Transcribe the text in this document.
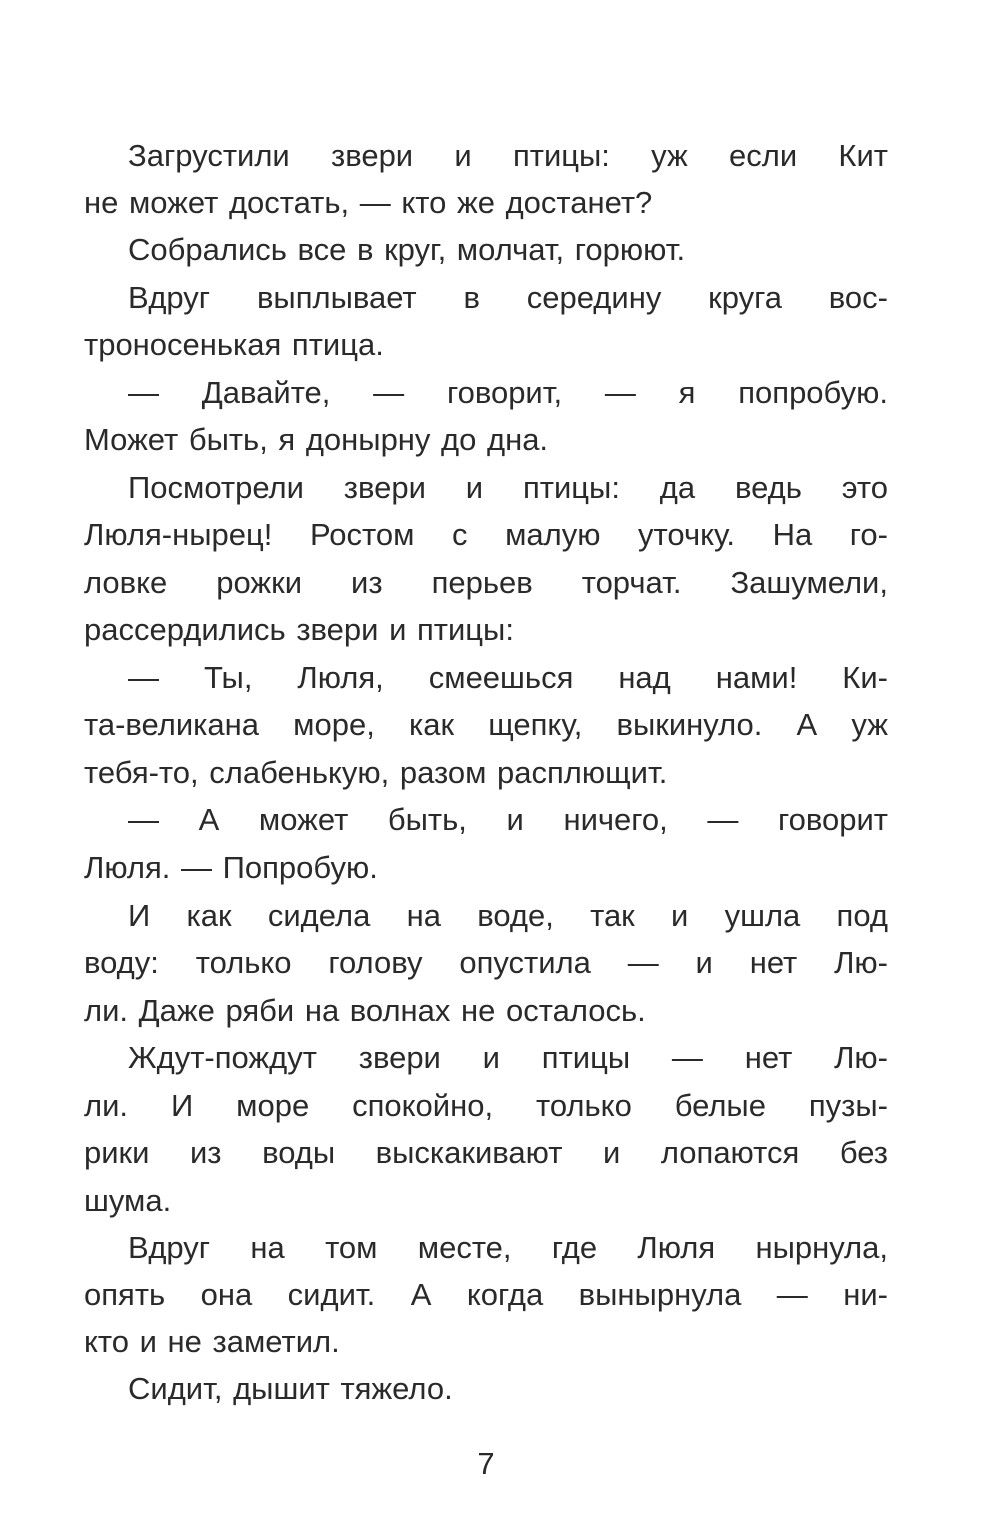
Загрустили звери и птицы: уж если Кит
не может достать, — кто же достанет?
Собрались все в круг, молчат, горюют.
Вдруг выплывает в середину круга вос-
троносенькая птица.
— Давайте, — говорит, — я попробую.
Может быть, я донырну до дна.
Посмотрели звери и птицы: да ведь это
Люля-нырец! Ростом с малую уточку. На го-
ловке рожки из перьев торчат. Зашумели,
рассердились звери и птицы:
— Ты, Люля, смеешься над нами! Ки-
та-великана море, как щепку, выкинуло. А уж
тебя-то, слабенькую, разом расплющит.
— А может быть, и ничего, — говорит
Люля. — Попробую.
И как сидела на воде, так и ушла под
воду: только голову опустила — и нет Лю-
ли. Даже ряби на волнах не осталось.
Ждут-пождут звери и птицы — нет Лю-
ли. И море спокойно, только белые пузы-
рики из воды выскакивают и лопаются без
шума.
Вдруг на том месте, где Люля нырнула,
опять она сидит. А когда вынырнула — ни-
кто и не заметил.
Сидит, дышит тяжело.
7
